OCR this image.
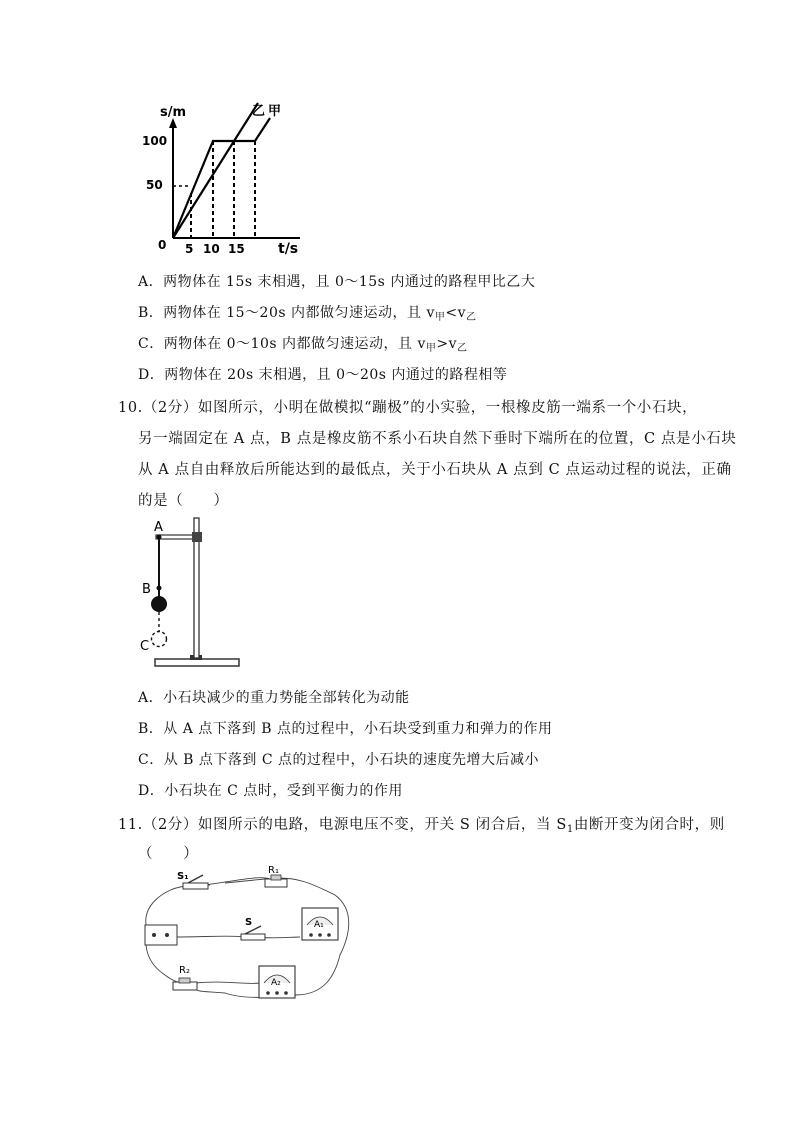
s/m
t/s
0
100
50
5 10 15
乙 甲
A．两物体在 15s 末相遇，且 0～15s 内通过的路程甲比乙大
B．两物体在 15～20s 内都做匀速运动，且 $v_甲<v_乙$
C．两物体在 0～10s 内都做匀速运动，且 $v_甲>v_乙$
D．两物体在 20s 末相遇，且 0～20s 内通过的路程相等
10.（2分）如图所示，小明在做模拟“蹦极”的小实验，一根橡皮筋一端系一个小石块，
另一端固定在 A 点，B 点是橡皮筋不系小石块自然下垂时下端所在的位置，C 点是小石块
从 A 点自由释放后所能达到的最低点，关于小石块从 A 点到 C 点运动过程的说法，正确
的是（　　）
A
B
C
A．小石块减少的重力势能全部转化为动能
B．从 A 点下落到 B 点的过程中，小石块受到重力和弹力的作用
C．从 B 点下落到 C 点的过程中，小石块的速度先增大后减小
D．小石块在 C 点时，受到平衡力的作用
11.（2分）如图所示的电路，电源电压不变，开关 S 闭合后，当 $S_1$由断开变为闭合时，则
（　　）
S₁
R₁
S	A₁
R₂
A₂
